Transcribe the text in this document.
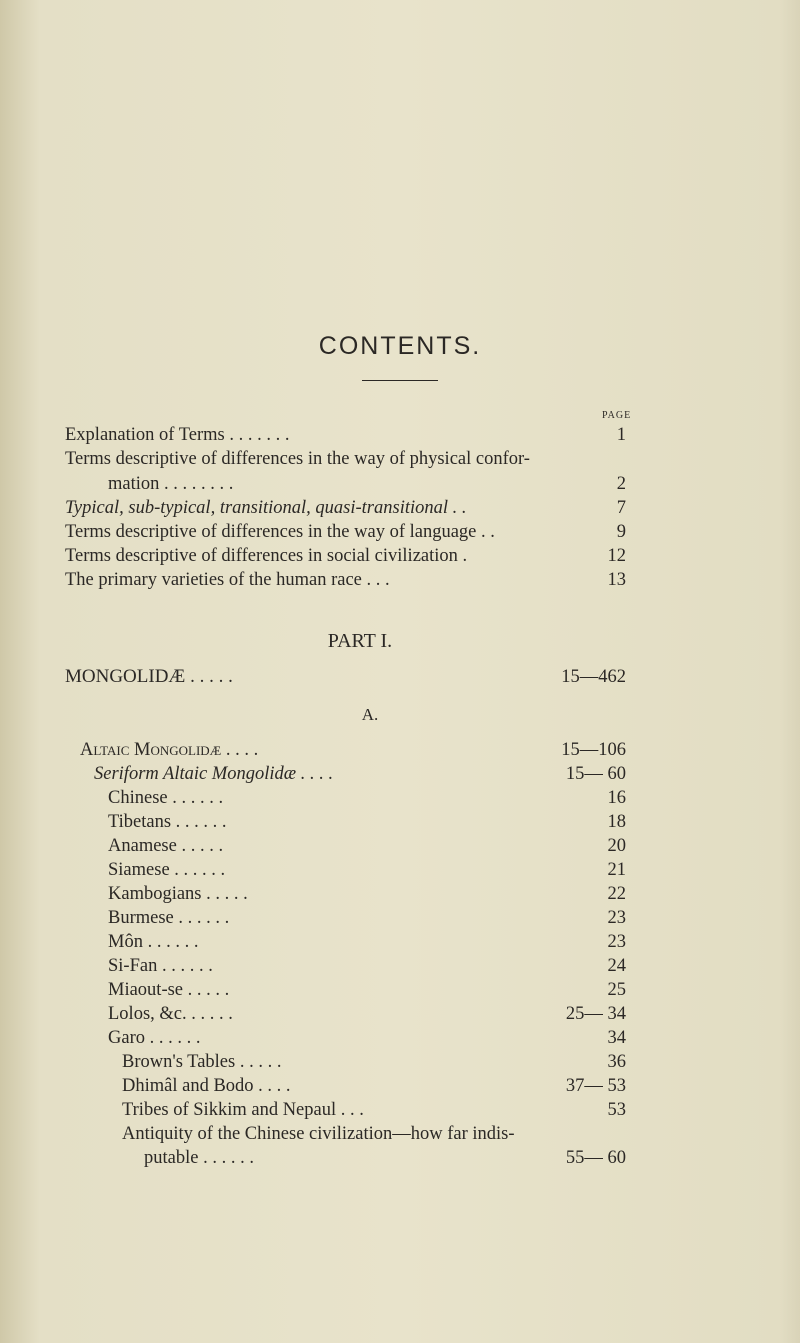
CONTENTS.
PAGE
Explanation of Terms . . . . . . .	1
Terms descriptive of differences in the way of physical confor-
mation . . . . . . . .	2
Typical, sub-typical, transitional, quasi-transitional . .	7
Terms descriptive of differences in the way of language . .	9
Terms descriptive of differences in social civilization .	12
The primary varieties of the human race . . .	13
PART I.
MONGOLIDÆ . . . . .	15—462
A.
Altaic Mongolidæ . . . .	15—106
Seriform Altaic Mongolidæ . . . .	15— 60
Chinese . . . . . .	16
Tibetans . . . . . .	18
Anamese . . . . .	20
Siamese . . . . . .	21
Kambogians . . . . .	22
Burmese . . . . . .	23
Môn . . . . . .	23
Si-Fan . . . . . .	24
Miaout-se . . . . .	25
Lolos, &c. . . . . .	25— 34
Garo . . . . . .	34
Brown's Tables . . . . .	36
Dhimâl and Bodo . . . .	37— 53
Tribes of Sikkim and Nepaul . . .	53
Antiquity of the Chinese civilization—how far indis-
putable . . . . . .	55— 60
